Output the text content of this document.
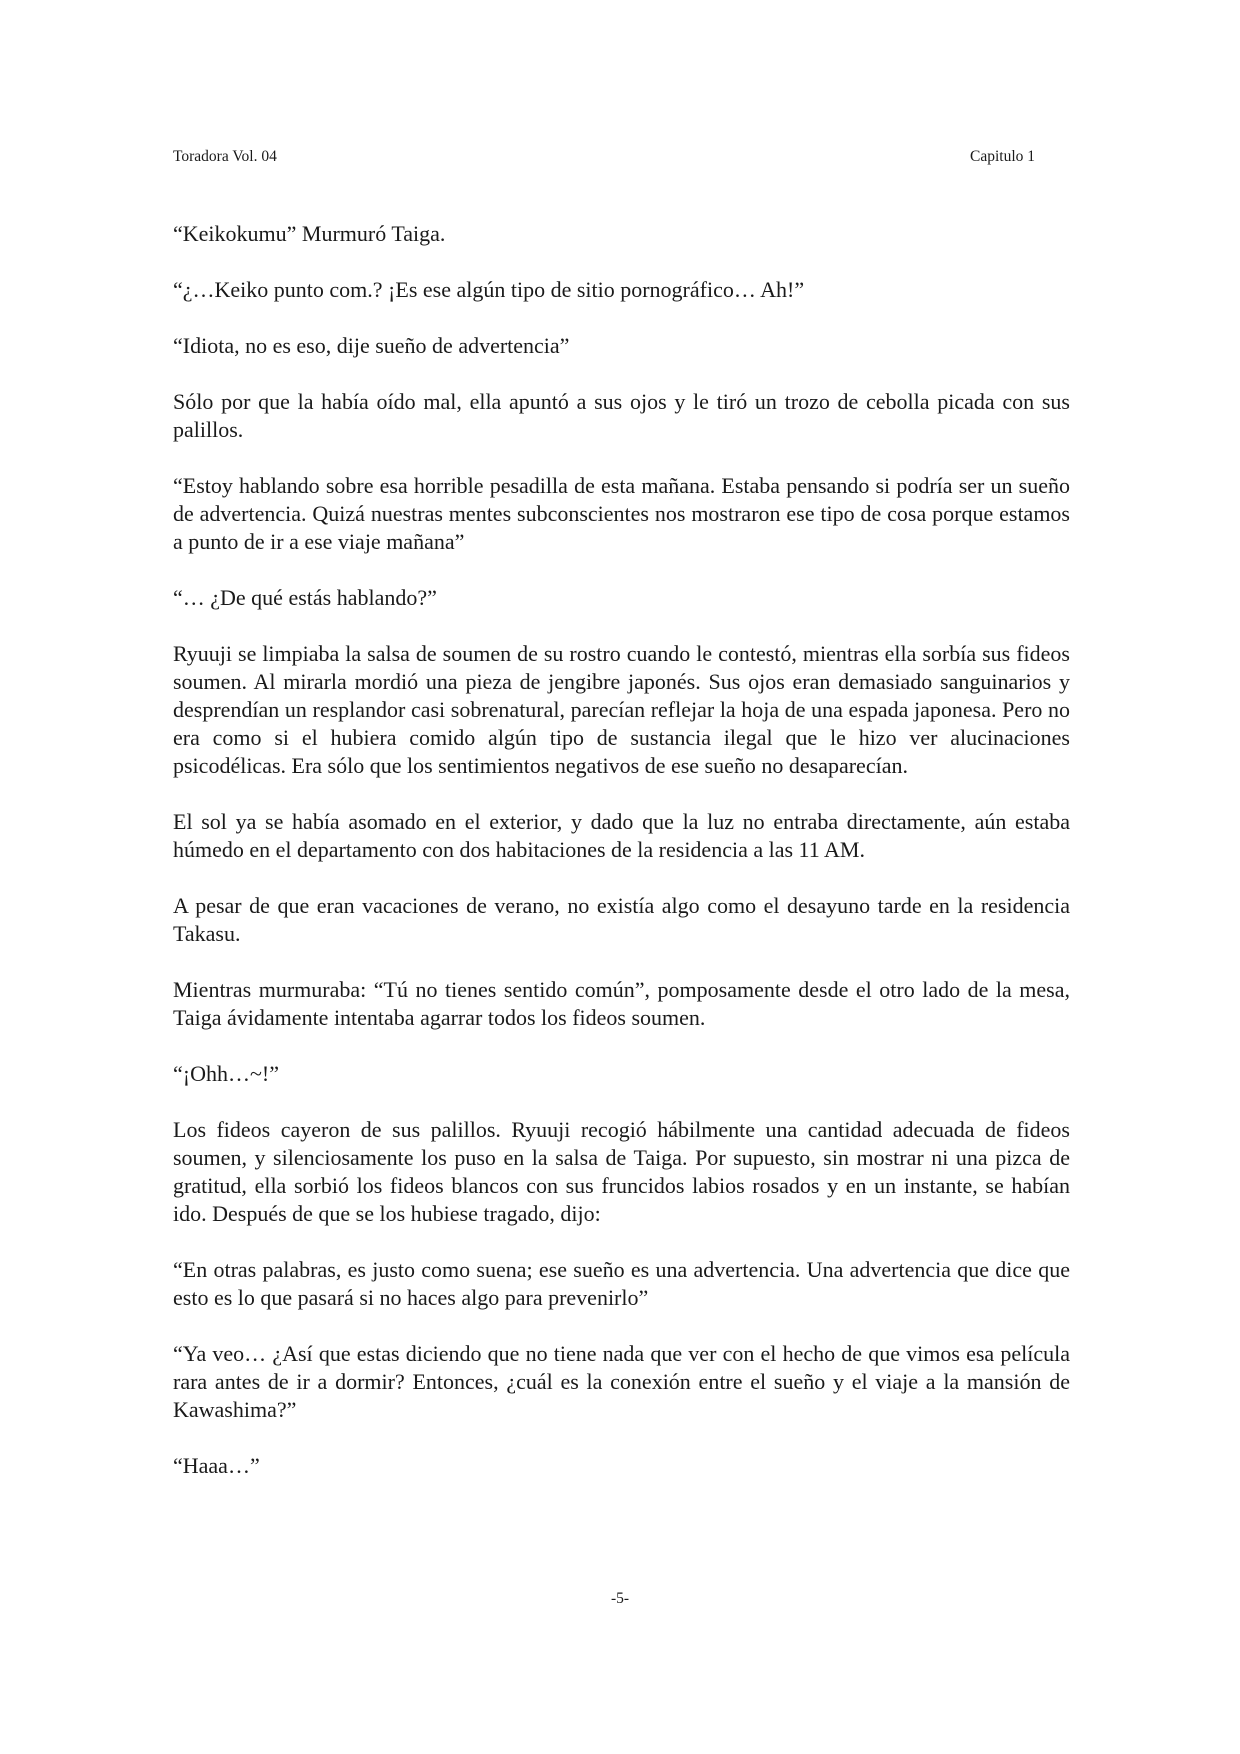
Toradora Vol. 04	Capitulo 1

“Keikokumu” Murmuró Taiga.

“¿…Keiko punto com.? ¡Es ese algún tipo de sitio pornográfico… Ah!”

“Idiota, no es eso, dije sueño de advertencia”

Sólo por que la había oído mal, ella apuntó a sus ojos y le tiró un trozo de cebolla picada con sus palillos.

“Estoy hablando sobre esa horrible pesadilla de esta mañana. Estaba pensando si podría ser un sueño de advertencia. Quizá nuestras mentes subconscientes nos mostraron ese tipo de cosa porque estamos a punto de ir a ese viaje mañana”

“… ¿De qué estás hablando?”

Ryuuji se limpiaba la salsa de soumen de su rostro cuando le contestó, mientras ella sorbía sus fideos soumen. Al mirarla mordió una pieza de jengibre japonés. Sus ojos eran demasiado sanguinarios y desprendían un resplandor casi sobrenatural, parecían reflejar la hoja de una espada japonesa. Pero no era como si el hubiera comido algún tipo de sustancia ilegal que le hizo ver alucinaciones psicodélicas. Era sólo que los sentimientos negativos de ese sueño no desaparecían.

El sol ya se había asomado en el exterior, y dado que la luz no entraba directamente, aún estaba húmedo en el departamento con dos habitaciones de la residencia a las 11 AM.

A pesar de que eran vacaciones de verano, no existía algo como el desayuno tarde en la residencia Takasu.

Mientras murmuraba: “Tú no tienes sentido común”, pomposamente desde el otro lado de la mesa, Taiga ávidamente intentaba agarrar todos los fideos soumen.

“¡Ohh…~!”

Los fideos cayeron de sus palillos. Ryuuji recogió hábilmente una cantidad adecuada de fideos soumen, y silenciosamente los puso en la salsa de Taiga. Por supuesto, sin mostrar ni una pizca de gratitud, ella sorbió los fideos blancos con sus fruncidos labios rosados y en un instante, se habían ido. Después de que se los hubiese tragado, dijo:

“En otras palabras, es justo como suena; ese sueño es una advertencia. Una advertencia que dice que esto es lo que pasará si no haces algo para prevenirlo”

“Ya veo… ¿Así que estas diciendo que no tiene nada que ver con el hecho de que vimos esa película rara antes de ir a dormir? Entonces, ¿cuál es la conexión entre el sueño y el viaje a la mansión de Kawashima?”

“Haaa…”

-5-
